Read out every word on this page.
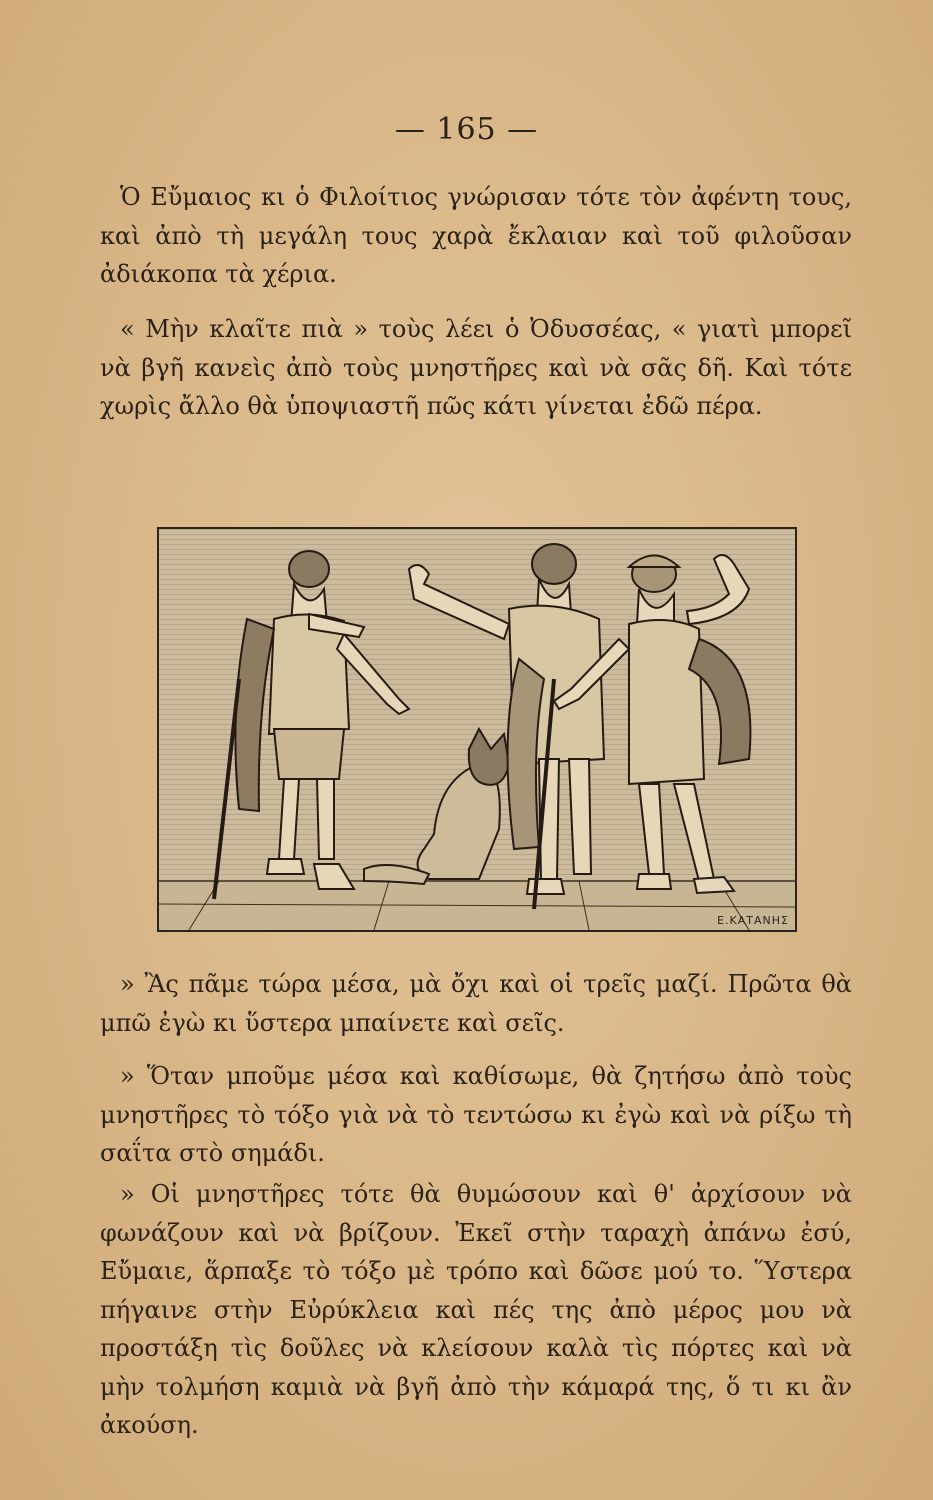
— 165 —

Ὁ Εὔμαιος κι ὁ Φιλοίτιος γνώρισαν τότε τὸν ἀφέντη τους, καὶ ἀπὸ τὴ μεγάλη τους χαρὰ ἔκλαιαν καὶ τοῦ φιλοῦσαν ἀδιάκοπα τὰ χέρια.

« Μὴν κλαῖτε πιὰ » τοὺς λέει ὁ Ὀδυσσέας, « γιατὶ μπορεῖ νὰ βγῆ κανεὶς ἀπὸ τοὺς μνηστῆρες καὶ νὰ σᾶς δῆ. Καὶ τότε χωρὶς ἄλλο θὰ ὑποψιαστῆ πῶς κάτι γίνεται ἐδῶ πέρα.

Ε.ΚΑΤΑΝΗΣ

» Ἂς πᾶμε τώρα μέσα, μὰ ὄχι καὶ οἱ τρεῖς μαζί. Πρῶτα θὰ μπῶ ἐγὼ κι ὕστερα μπαίνετε καὶ σεῖς.

» Ὅταν μποῦμε μέσα καὶ καθίσωμε, θὰ ζητήσω ἀπὸ τοὺς μνηστῆρες τὸ τόξο γιὰ νὰ τὸ τεντώσω κι ἐγὼ καὶ νὰ ρίξω τὴ σαΐτα στὸ σημάδι.

» Οἱ μνηστῆρες τότε θὰ θυμώσουν καὶ θ' ἀρχίσουν νὰ φωνάζουν καὶ νὰ βρίζουν. Ἐκεῖ στὴν ταραχὴ ἀπάνω ἐσύ, Εὔμαιε, ἅρπαξε τὸ τόξο μὲ τρόπο καὶ δῶσε μού το. Ὕστερα πήγαινε στὴν Εὐρύκλεια καὶ πές της ἀπὸ μέρος μου νὰ προστάξη τὶς δοῦλες νὰ κλείσουν καλὰ τὶς πόρτες καὶ νὰ μὴν τολμήση καμιὰ νὰ βγῆ ἀπὸ τὴν κάμαρά της, ὅ τι κι ἂν ἀκούση.
